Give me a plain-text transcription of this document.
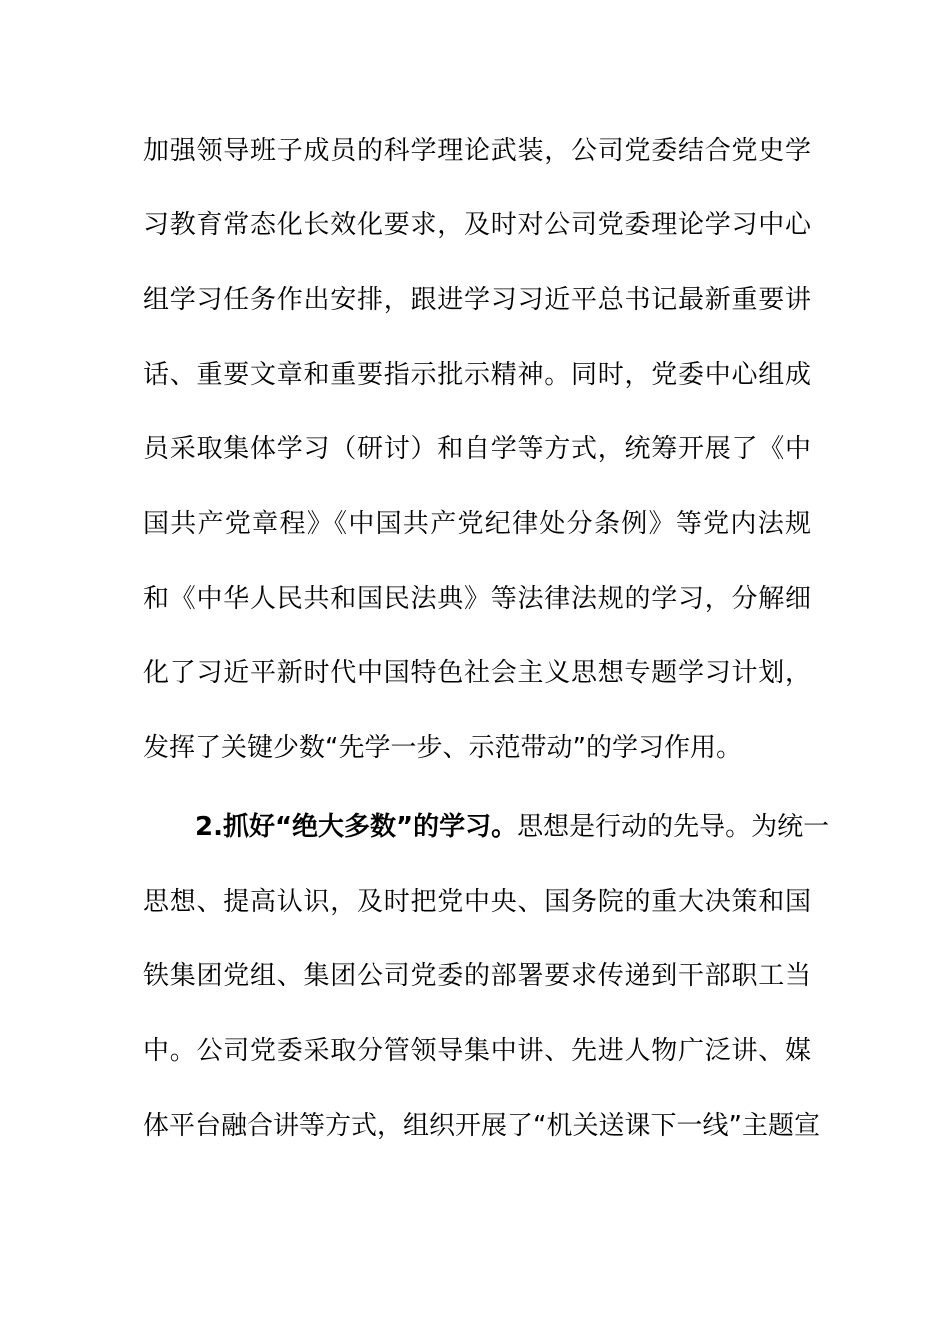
加强领导班子成员的科学理论武装，公司党委结合党史学
习教育常态化长效化要求，及时对公司党委理论学习中心
组学习任务作出安排，跟进学习习近平总书记最新重要讲
话、重要文章和重要指示批示精神。同时，党委中心组成
员采取集体学习（研讨）和自学等方式，统筹开展了《中
国共产党章程》《中国共产党纪律处分条例》等党内法规
和《中华人民共和国民法典》等法律法规的学习，分解细
化了习近平新时代中国特色社会主义思想专题学习计划，
发挥了关键少数“先学一步、示范带动”的学习作用。
2.抓好“绝大多数”的学习。思想是行动的先导。为统一
思想、提高认识，及时把党中央、国务院的重大决策和国
铁集团党组、集团公司党委的部署要求传递到干部职工当
中。公司党委采取分管领导集中讲、先进人物广泛讲、媒
体平台融合讲等方式，组织开展了“机关送课下一线”主题宣
